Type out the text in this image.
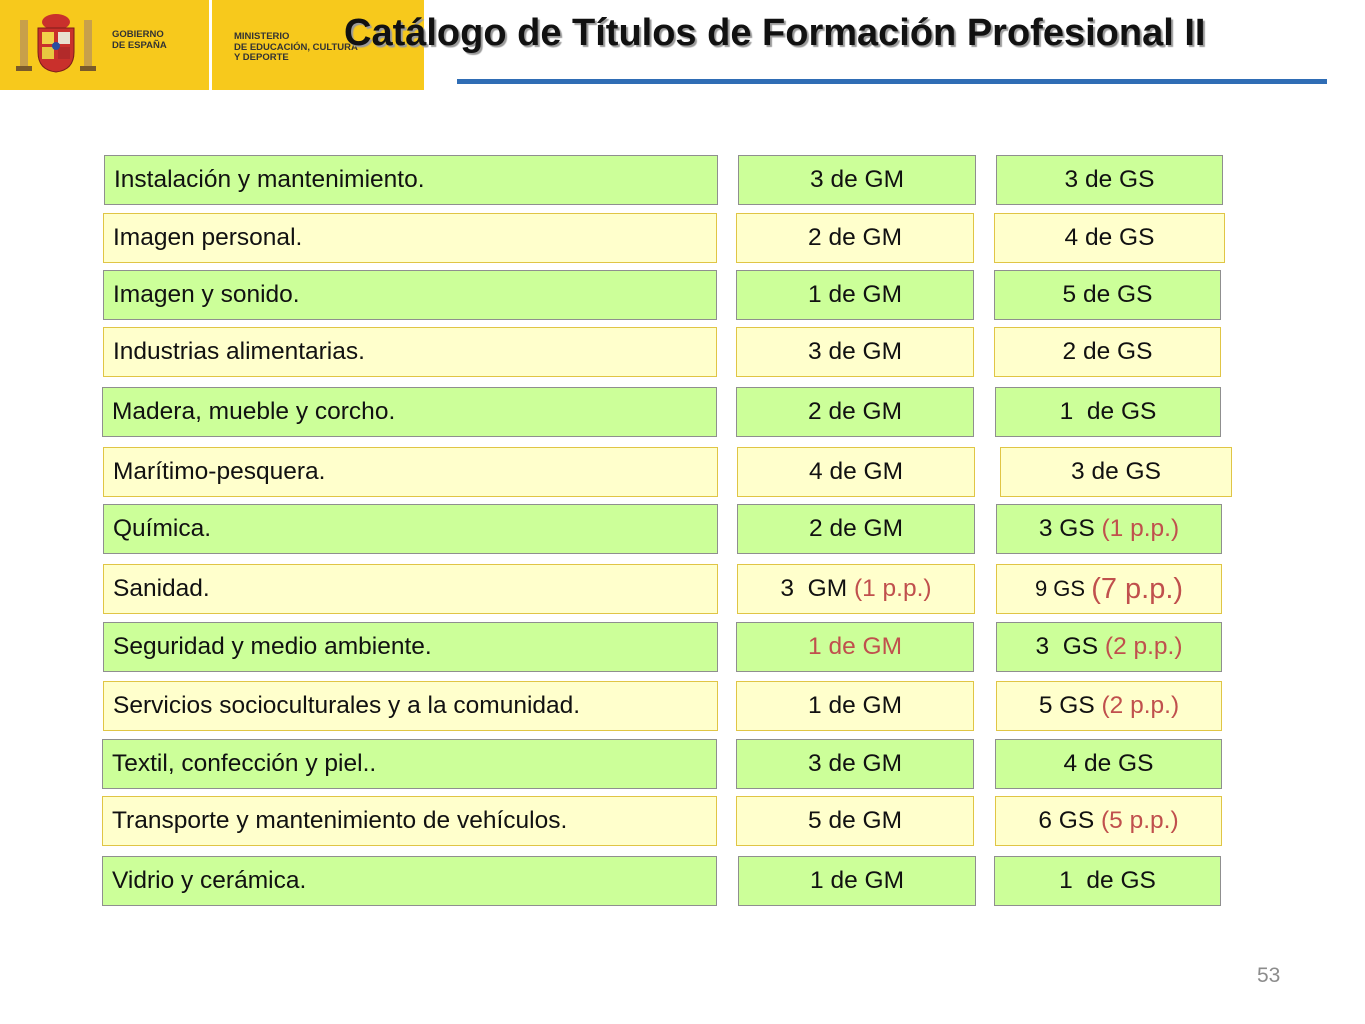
GOBIERNO
DE ESPAÑA
MINISTERIO
DE EDUCACIÓN, CULTURA
Y DEPORTE
Catálogo de Títulos de Formación Profesional II
Instalación y mantenimiento.	3 de GM	3 de GS
Imagen personal.	2 de GM	4 de GS
Imagen y sonido.	1 de GM	5 de GS
Industrias alimentarias.	3 de GM	2 de GS
Madera, mueble y corcho.	2 de GM	1  de GS
Marítimo-pesquera.	4 de GM	3 de GS
Química.	2 de GM	3 GS (1 p.p.)
Sanidad.	3  GM (1 p.p.)	9 GS (7 p.p.)
Seguridad y medio ambiente.	1 de GM	3  GS (2 p.p.)
Servicios socioculturales y a la comunidad.	1 de GM	5 GS (2 p.p.)
Textil, confección y piel..	3 de GM	4 de GS
Transporte y mantenimiento de vehículos.	5 de GM	6 GS (5 p.p.)
Vidrio y cerámica.	1 de GM	1  de GS
53
